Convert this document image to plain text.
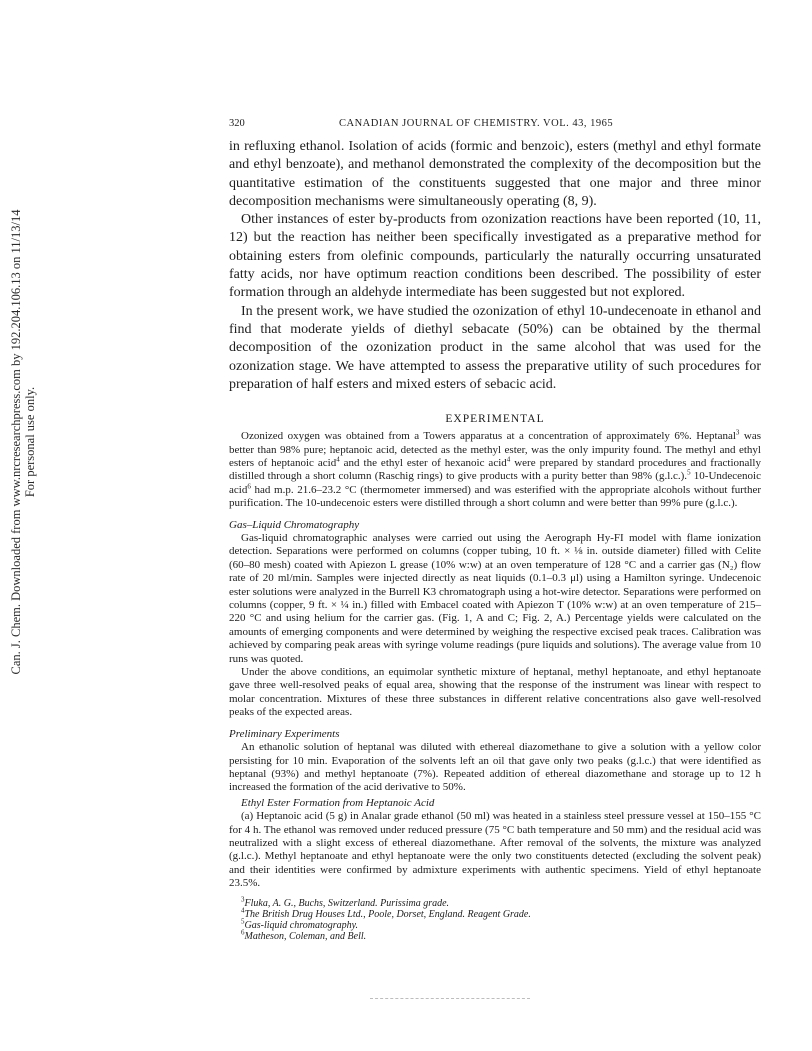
Can. J. Chem. Downloaded from www.nrcresearchpress.com by 192.204.106.13 on 11/13/14 For personal use only.
320	CANADIAN JOURNAL OF CHEMISTRY. VOL. 43, 1965

in refluxing ethanol. Isolation of acids (formic and benzoic), esters (methyl and ethyl formate and ethyl benzoate), and methanol demonstrated the complexity of the decomposition but the quantitative estimation of the constituents suggested that one major and three minor decomposition mechanisms were simultaneously operating (8, 9).

Other instances of ester by-products from ozonization reactions have been reported (10, 11, 12) but the reaction has neither been specifically investigated as a preparative method for obtaining esters from olefinic compounds, particularly the naturally occurring unsaturated fatty acids, nor have optimum reaction conditions been described. The possibility of ester formation through an aldehyde intermediate has been suggested but not explored.

In the present work, we have studied the ozonization of ethyl 10-undecenoate in ethanol and find that moderate yields of diethyl sebacate (50%) can be obtained by the thermal decomposition of the ozonization product in the same alcohol that was used for the ozonization stage. We have attempted to assess the preparative utility of such procedures for preparation of half esters and mixed esters of sebacic acid.

EXPERIMENTAL

Ozonized oxygen was obtained from a Towers apparatus at a concentration of approximately 6%. Heptanal$^3$ was better than 98% pure; heptanoic acid, detected as the methyl ester, was the only impurity found. The methyl and ethyl esters of heptanoic acid$^4$ and the ethyl ester of hexanoic acid$^4$ were prepared by standard procedures and fractionally distilled through a short column (Raschig rings) to give products with a purity better than 98% (g.l.c.).$^5$ 10-Undecenoic acid$^6$ had m.p. 21.6–23.2 °C (thermometer immersed) and was esterified with the appropriate alcohols without further purification. The 10-undecenoic esters were distilled through a short column and were better than 99% pure (g.l.c.).

Gas–Liquid Chromatography

Gas-liquid chromatographic analyses were carried out using the Aerograph Hy-FI model with flame ionization detection. Separations were performed on columns (copper tubing, 10 ft. × ⅛ in. outside diameter) filled with Celite (60–80 mesh) coated with Apiezon L grease (10% w:w) at an oven temperature of 128 °C and a carrier gas (N₂) flow rate of 20 ml/min. Samples were injected directly as neat liquids (0.1–0.3 μl) using a Hamilton syringe. Undecenoic ester solutions were analyzed in the Burrell K3 chromatograph using a hot-wire detector. Separations were performed on columns (copper, 9 ft. × ¼ in.) filled with Embacel coated with Apiezon T (10% w:w) at an oven temperature of 215–220 °C and using helium for the carrier gas. (Fig. 1, A and C; Fig. 2, A.) Percentage yields were calculated on the amounts of emerging components and were determined by weighing the respective excised peak traces. Calibration was achieved by comparing peak areas with syringe volume readings (pure liquids and solutions). The average value from 10 runs was quoted.

Under the above conditions, an equimolar synthetic mixture of heptanal, methyl heptanoate, and ethyl heptanoate gave three well-resolved peaks of equal area, showing that the response of the instrument was linear with respect to molar concentration. Mixtures of these three substances in different relative concentrations also gave well-resolved peaks of the expected areas.

Preliminary Experiments

An ethanolic solution of heptanal was diluted with ethereal diazomethane to give a solution with a yellow color persisting for 10 min. Evaporation of the solvents left an oil that gave only two peaks (g.l.c.) that were identified as heptanal (93%) and methyl heptanoate (7%). Repeated addition of ethereal diazomethane and storage up to 12 h increased the formation of the acid derivative to 50%.

Ethyl Ester Formation from Heptanoic Acid

(a) Heptanoic acid (5 g) in Analar grade ethanol (50 ml) was heated in a stainless steel pressure vessel at 150–155 °C for 4 h. The ethanol was removed under reduced pressure (75 °C bath temperature and 50 mm) and the residual acid was neutralized with a slight excess of ethereal diazomethane. After removal of the solvents, the mixture was analyzed (g.l.c.). Methyl heptanoate and ethyl heptanoate were the only two constituents detected (excluding the solvent peak) and their identities were confirmed by admixture experiments with authentic specimens. Yield of ethyl heptanoate 23.5%.

$^3$Fluka, A. G., Buchs, Switzerland. Purissima grade.
$^4$The British Drug Houses Ltd., Poole, Dorset, England. Reagent Grade.
$^5$Gas-liquid chromatography.
$^6$Matheson, Coleman, and Bell.
